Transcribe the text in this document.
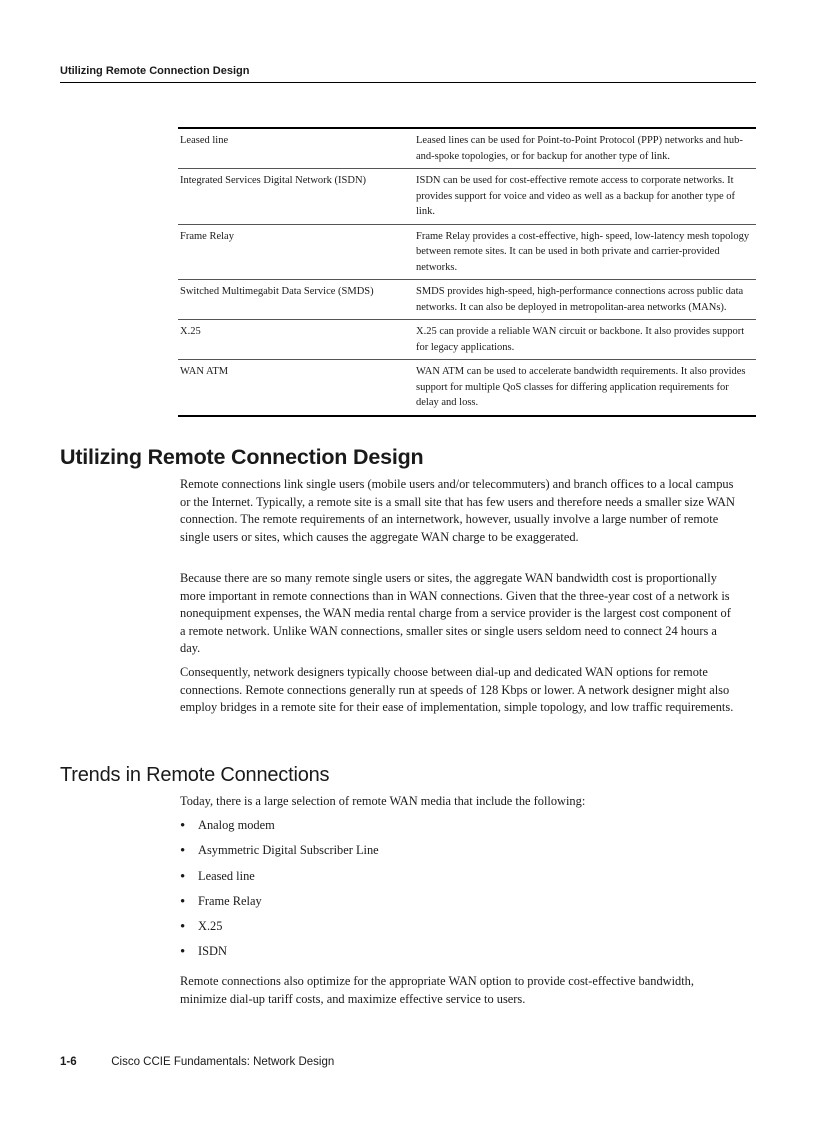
Utilizing Remote Connection Design
Leased line	Leased lines can be used for Point-to-Point Protocol (PPP) networks and hub-and-spoke topologies, or for backup for another type of link.
Integrated Services Digital Network (ISDN)	ISDN can be used for cost-effective remote access to corporate networks. It provides support for voice and video as well as a backup for another type of link.
Frame Relay	Frame Relay provides a cost-effective, high- speed, low-latency mesh topology between remote sites. It can be used in both private and carrier-provided networks.
Switched Multimegabit Data Service (SMDS)	SMDS provides high-speed, high-performance connections across public data networks. It can also be deployed in metropolitan-area networks (MANs).
X.25	X.25 can provide a reliable WAN circuit or backbone. It also provides support for legacy applications.
WAN ATM	WAN ATM can be used to accelerate bandwidth requirements. It also provides support for multiple QoS classes for differing application requirements for delay and loss.
Utilizing Remote Connection Design

Remote connections link single users (mobile users and/or telecommuters) and branch offices to a local campus or the Internet. Typically, a remote site is a small site that has few users and therefore needs a smaller size WAN connection. The remote requirements of an internetwork, however, usually involve a large number of remote single users or sites, which causes the aggregate WAN charge to be exaggerated.

Because there are so many remote single users or sites, the aggregate WAN bandwidth cost is proportionally more important in remote connections than in WAN connections. Given that the three-year cost of a network is nonequipment expenses, the WAN media rental charge from a service provider is the largest cost component of a remote network. Unlike WAN connections, smaller sites or single users seldom need to connect 24 hours a day.

Consequently, network designers typically choose between dial-up and dedicated WAN options for remote connections. Remote connections generally run at speeds of 128 Kbps or lower. A network designer might also employ bridges in a remote site for their ease of implementation, simple topology, and low traffic requirements.

Trends in Remote Connections

Today, there is a large selection of remote WAN media that include the following:

•	Analog modem
•	Asymmetric Digital Subscriber Line
•	Leased line
•	Frame Relay
•	X.25
•	ISDN

Remote connections also optimize for the appropriate WAN option to provide cost-effective bandwidth, minimize dial-up tariff costs, and maximize effective service to users.

1-6	Cisco CCIE Fundamentals: Network Design
